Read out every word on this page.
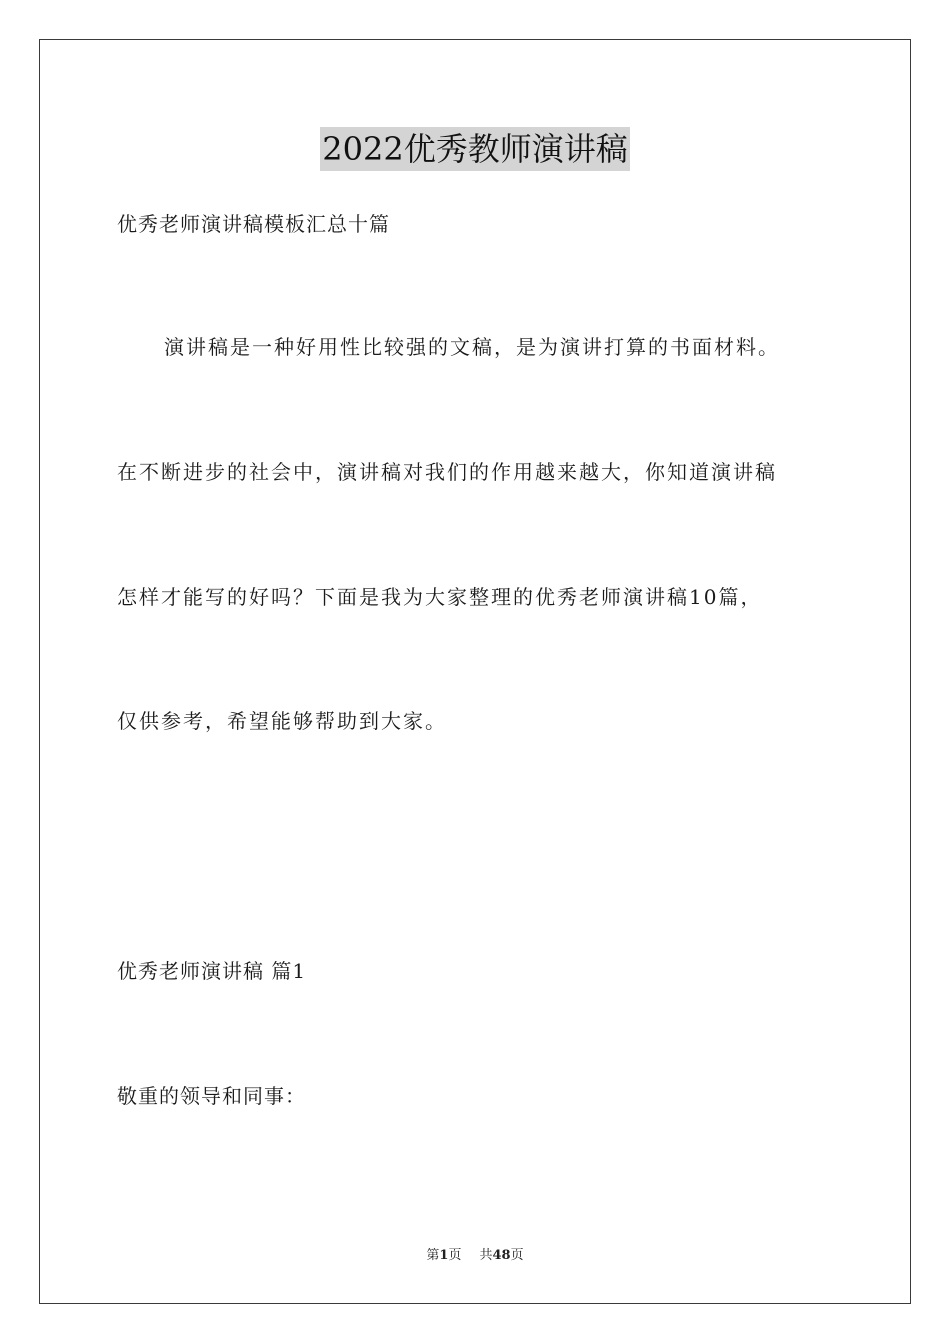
2022优秀教师演讲稿
优秀老师演讲稿模板汇总十篇
演讲稿是一种好用性比较强的文稿，是为演讲打算的书面材料。
在不断进步的社会中，演讲稿对我们的作用越来越大，你知道演讲稿
怎样才能写的好吗？下面是我为大家整理的优秀老师演讲稿10篇，
仅供参考，希望能够帮助到大家。
优秀老师演讲稿 篇1
敬重的领导和同事：
第1页 共48页
